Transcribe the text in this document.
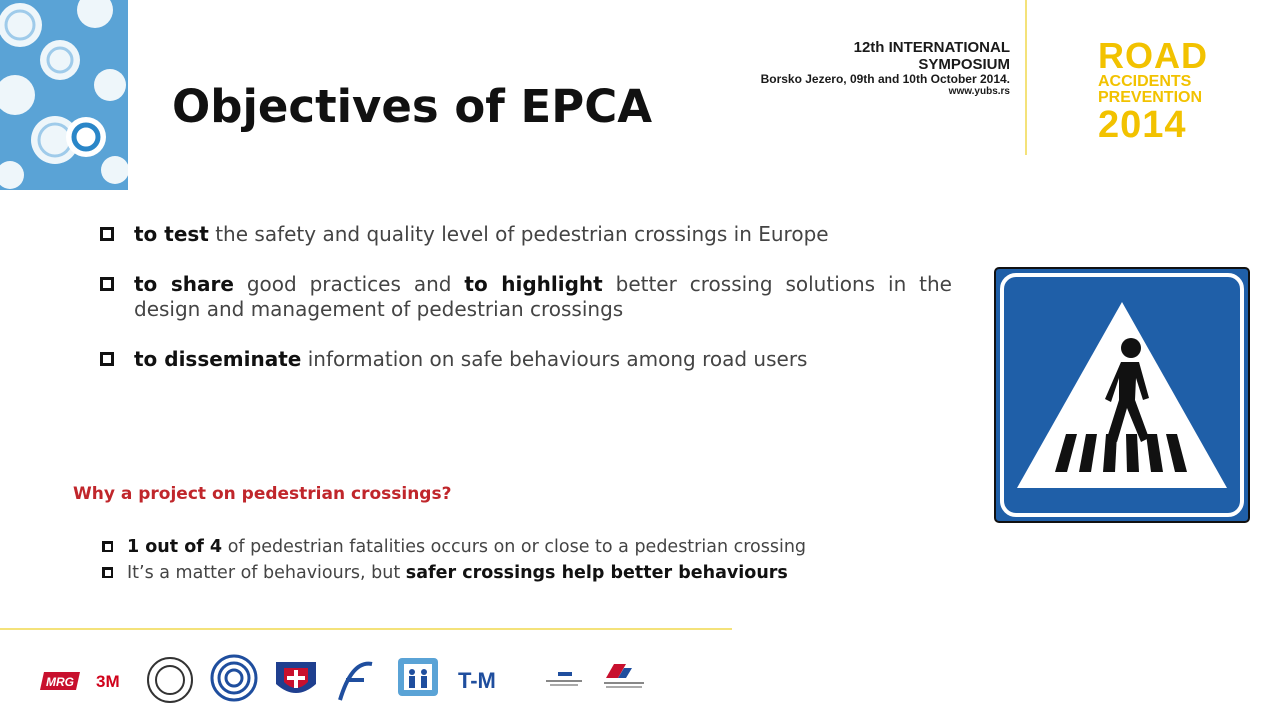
Objectives of EPCA
12th INTERNATIONAL
SYMPOSIUM
Borsko Jezero, 09th and 10th October 2014.
www.yubs.rs
ROAD
ACCIDENTS
PREVENTION
2014
to test the safety and quality level of pedestrian crossings in Europe
to share good practices and to highlight better crossing solutions in the design and management of pedestrian crossings
to disseminate information on safe behaviours among road users
Why a project on pedestrian crossings?
1 out of 4 of pedestrian fatalities occurs on or close to a pedestrian crossing
It’s a matter of behaviours, but safer crossings help better behaviours
MRG 3M	T-M
